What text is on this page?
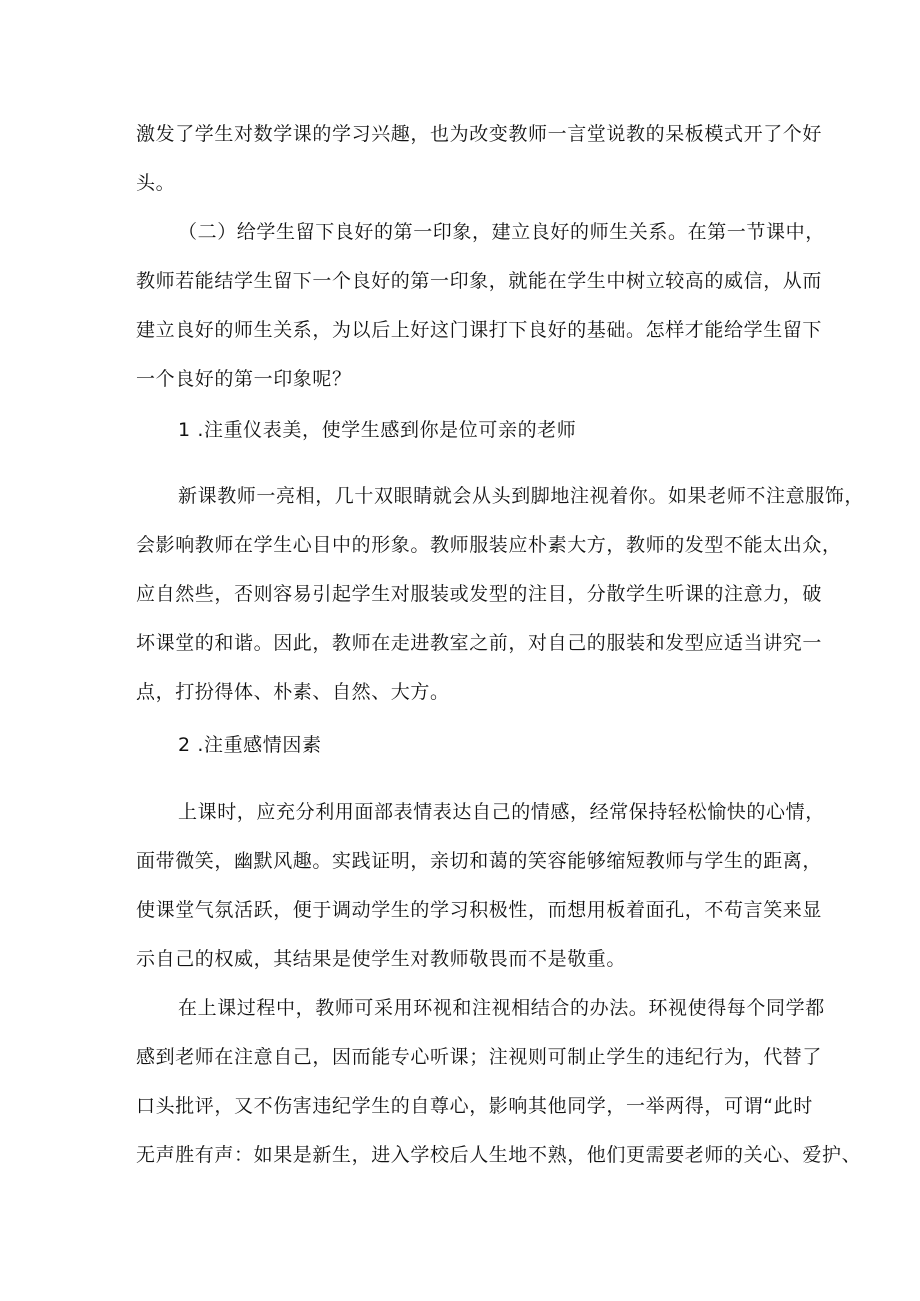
激发了学生对数学课的学习兴趣，也为改变教师一言堂说教的呆板模式开了个好
头。
（二）给学生留下良好的第一印象，建立良好的师生关系。在第一节课中，
教师若能结学生留下一个良好的第一印象，就能在学生中树立较高的威信，从而
建立良好的师生关系，为以后上好这门课打下良好的基础。怎样才能给学生留下
一个良好的第一印象呢？
1 .注重仪表美，使学生感到你是位可亲的老师
新课教师一亮相，几十双眼睛就会从头到脚地注视着你。如果老师不注意服饰，
会影响教师在学生心目中的形象。教师服装应朴素大方，教师的发型不能太出众，
应自然些，否则容易引起学生对服装或发型的注目，分散学生听课的注意力，破
坏课堂的和谐。因此，教师在走进教室之前，对自己的服装和发型应适当讲究一
点，打扮得体、朴素、自然、大方。
2 .注重感情因素
上课时，应充分利用面部表情表达自己的情感，经常保持轻松愉快的心情，
面带微笑，幽默风趣。实践证明，亲切和蔼的笑容能够缩短教师与学生的距离，
使课堂气氛活跃，便于调动学生的学习积极性，而想用板着面孔，不苟言笑来显
示自己的权威，其结果是使学生对教师敬畏而不是敬重。
在上课过程中，教师可采用环视和注视相结合的办法。环视使得每个同学都
感到老师在注意自己，因而能专心听课；注视则可制止学生的违纪行为，代替了
口头批评，又不伤害违纪学生的自尊心，影响其他同学，一举两得，可谓“此时
无声胜有声：如果是新生，进入学校后人生地不熟，他们更需要老师的关心、爱护、
